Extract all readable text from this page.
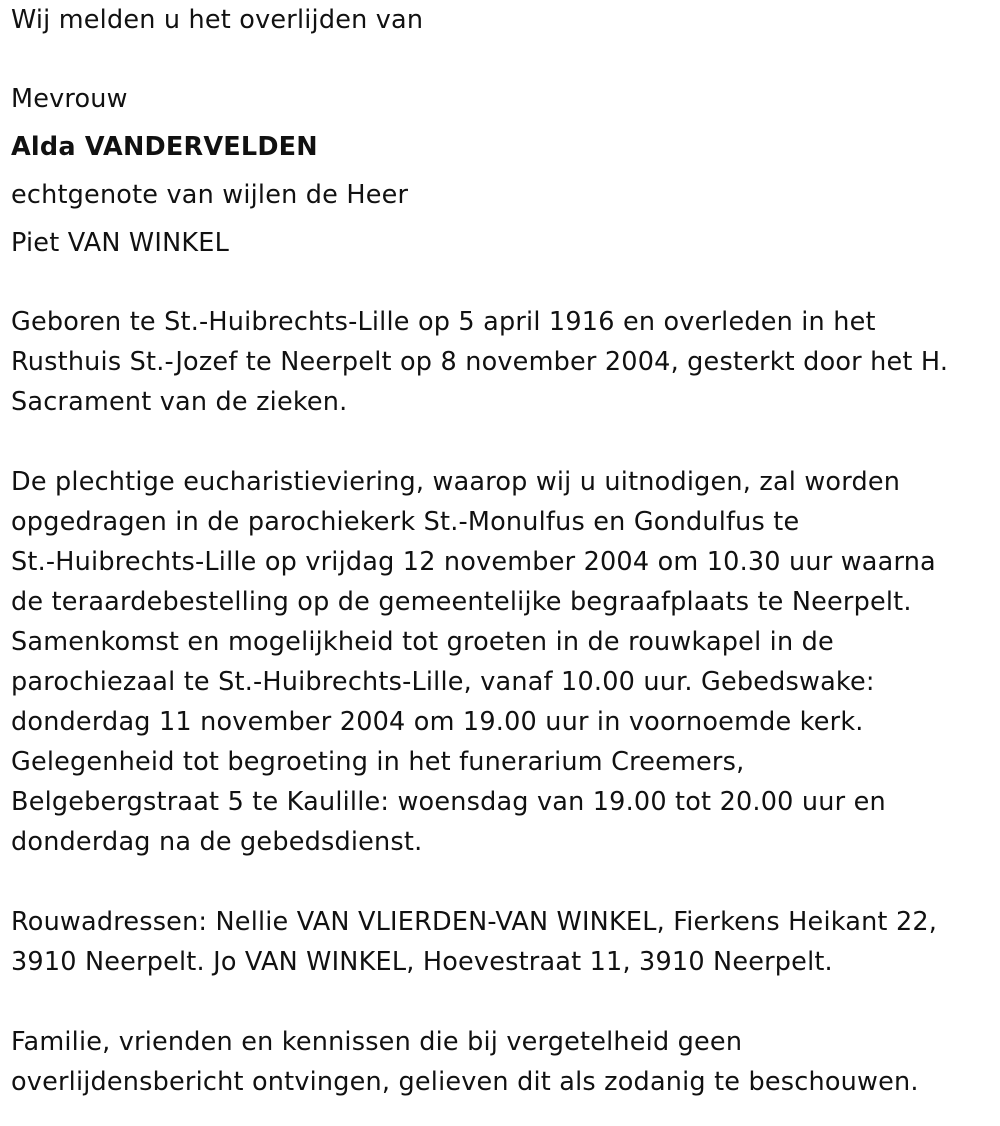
Wij melden u het overlijden van
Mevrouw
Alda VANDERVELDEN
echtgenote van wijlen de Heer
Piet VAN WINKEL
Geboren te St.-Huibrechts-Lille op 5 april 1916 en overleden in het
Rusthuis St.-Jozef te Neerpelt op 8 november 2004, gesterkt door het H.
Sacrament van de zieken.
De plechtige eucharistieviering, waarop wij u uitnodigen, zal worden
opgedragen in de parochiekerk St.-Monulfus en Gondulfus te
St.-Huibrechts-Lille op vrijdag 12 november 2004 om 10.30 uur waarna
de teraardebestelling op de gemeentelijke begraafplaats te Neerpelt.
Samenkomst en mogelijkheid tot groeten in de rouwkapel in de
parochiezaal te St.-Huibrechts-Lille, vanaf 10.00 uur. Gebedswake:
donderdag 11 november 2004 om 19.00 uur in voornoemde kerk.
Gelegenheid tot begroeting in het funerarium Creemers,
Belgebergstraat 5 te Kaulille: woensdag van 19.00 tot 20.00 uur en
donderdag na de gebedsdienst.
Rouwadressen: Nellie VAN VLIERDEN-VAN WINKEL, Fierkens Heikant 22,
3910 Neerpelt. Jo VAN WINKEL, Hoevestraat 11, 3910 Neerpelt.
Familie, vrienden en kennissen die bij vergetelheid geen
overlijdensbericht ontvingen, gelieven dit als zodanig te beschouwen.
